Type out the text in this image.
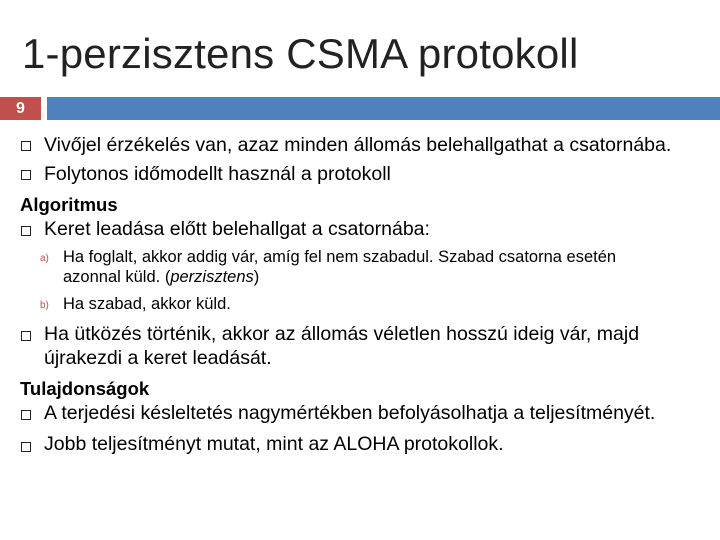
1-perzisztens CSMA protokoll
9
Vivőjel érzékelés van, azaz minden állomás belehallgathat a csatornába.
Folytonos időmodellt használ a protokoll
Algoritmus
Keret leadása előtt belehallgat a csatornába:
a) Ha foglalt, akkor addig vár, amíg fel nem szabadul. Szabad csatorna esetén
azonnal küld. (perzisztens)
b) Ha szabad, akkor küld.
Ha ütközés történik, akkor az állomás véletlen hosszú ideig vár, majd
újrakezdi a keret leadását.
Tulajdonságok
A terjedési késleltetés nagymértékben befolyásolhatja a teljesítményét.
Jobb teljesítményt mutat, mint az ALOHA protokollok.
